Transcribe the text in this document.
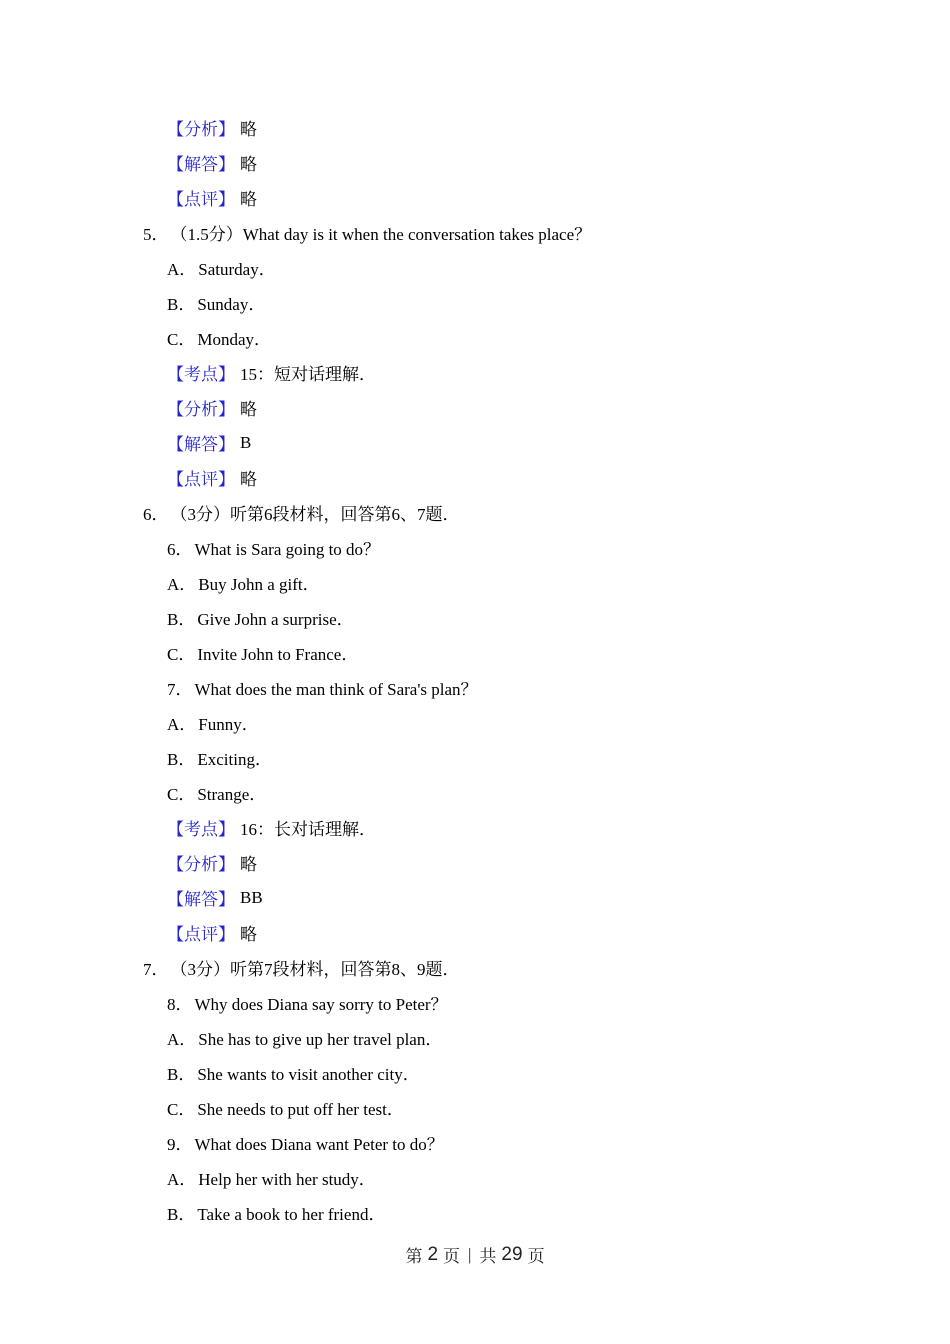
【分析】 略
【解答】 略
【点评】 略
5． （1.5分）What day is it when the conversation takes place？
A． Saturday．
B． Sunday．
C． Monday．
【考点】 15：短对话理解．
【分析】 略
【解答】 B
【点评】 略
6． （3分）听第6段材料，回答第6、7题．
6． What is Sara going to do？
A． Buy John a gift．
B． Give John a surprise．
C． Invite John to France．
7． What does the man think of Sara's plan？
A． Funny．
B． Exciting．
C． Strange．
【考点】 16：长对话理解．
【分析】 略
【解答】 BB
【点评】 略
7． （3分）听第7段材料，回答第8、9题．
8． Why does Diana say sorry to Peter？
A． She has to give up her travel plan．
B． She wants to visit another city．
C． She needs to put off her test．
9． What does Diana want Peter to do？
A． Help her with her study．
B． Take a book to her friend．
第 2 页 | 共 29 页
